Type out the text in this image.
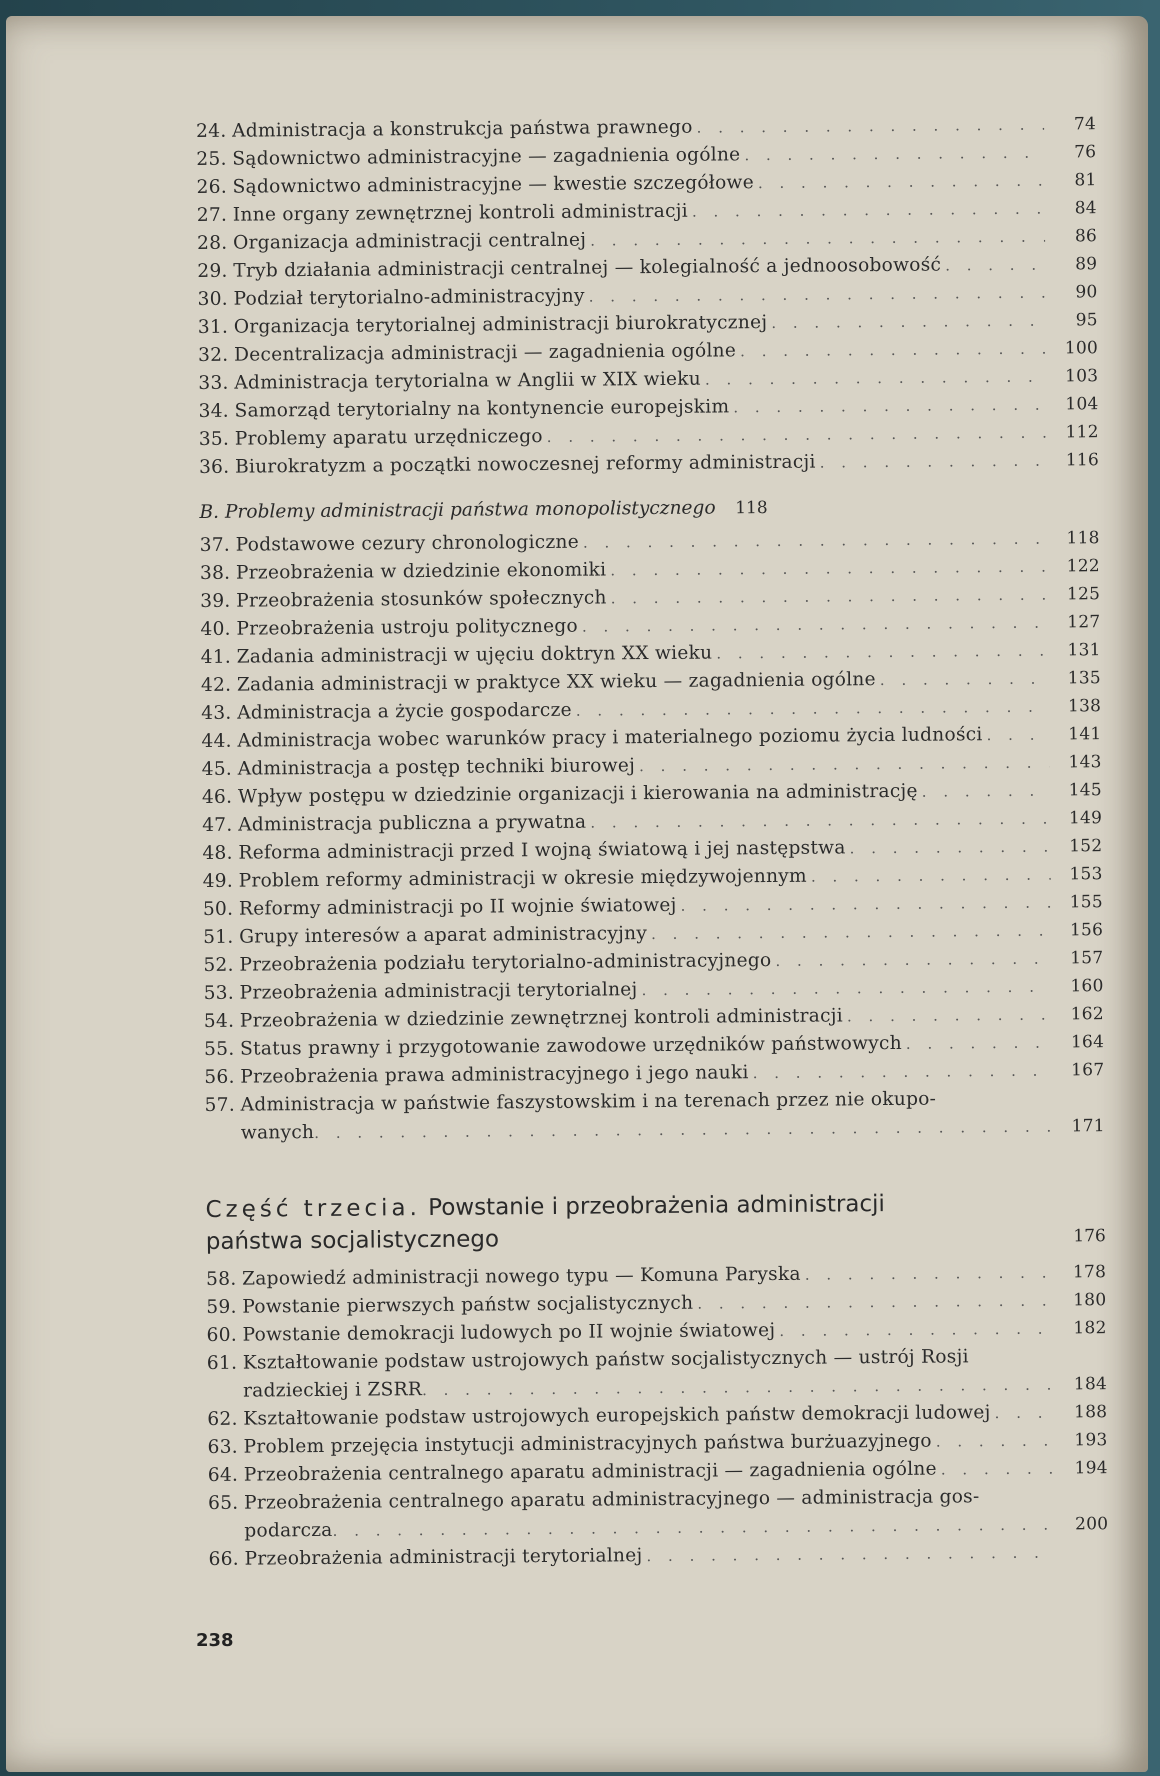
24. Administracja a konstrukcja państwa prawnego . . .	74
25. Sądownictwo administracyjne — zagadnienia ogólne . . .	76
26. Sądownictwo administracyjne — kwestie szczegółowe . . .	81
27. Inne organy zewnętrznej kontroli administracji . . .	84
28. Organizacja administracji centralnej . . .	86
29. Tryb działania administracji centralnej — kolegialność a jednoosobowość . . .	89
30. Podział terytorialno-administracyjny . . .	90
31. Organizacja terytorialnej administracji biurokratycznej . . .	95
32. Decentralizacja administracji — zagadnienia ogólne . . .	100
33. Administracja terytorialna w Anglii w XIX wieku . . .	103
34. Samorząd terytorialny na kontynencie europejskim . . .	104
35. Problemy aparatu urzędniczego . . .	112
36. Biurokratyzm a początki nowoczesnej reformy administracji . . .	116
B. Problemy administracji państwa monopolistycznego	118
37. Podstawowe cezury chronologiczne . . .	118
38. Przeobrażenia w dziedzinie ekonomiki . . .	122
39. Przeobrażenia stosunków społecznych . . .	125
40. Przeobrażenia ustroju politycznego . . .	127
41. Zadania administracji w ujęciu doktryn XX wieku . . .	131
42. Zadania administracji w praktyce XX wieku — zagadnienia ogólne . . .	135
43. Administracja a życie gospodarcze . . .	138
44. Administracja wobec warunków pracy i materialnego poziomu życia ludności . . .	141
45. Administracja a postęp techniki biurowej . . .	143
46. Wpływ postępu w dziedzinie organizacji i kierowania na administrację . . .	145
47. Administracja publiczna a prywatna . . .	149
48. Reforma administracji przed I wojną światową i jej następstwa . . .	152
49. Problem reformy administracji w okresie międzywojennym . . .	153
50. Reformy administracji po II wojnie światowej . . .	155
51. Grupy interesów a aparat administracyjny . . .	156
52. Przeobrażenia podziału terytorialno-administracyjnego . . .	157
53. Przeobrażenia administracji terytorialnej . . .	160
54. Przeobrażenia w dziedzinie zewnętrznej kontroli administracji . . .	162
55. Status prawny i przygotowanie zawodowe urzędników państwowych . . .	164
56. Przeobrażenia prawa administracyjnego i jego nauki . . .	167
57. Administracja w państwie faszystowskim i na terenach przez nie okupo-
wanych . . .	171
Część trzecia. Powstanie i przeobrażenia administracji
państwa socjalistycznego	176
58. Zapowiedź administracji nowego typu — Komuna Paryska . . .	178
59. Powstanie pierwszych państw socjalistycznych . . .	180
60. Powstanie demokracji ludowych po II wojnie światowej . . .	182
61. Kształtowanie podstaw ustrojowych państw socjalistycznych — ustrój Rosji
radzieckiej i ZSRR . . .	184
62. Kształtowanie podstaw ustrojowych europejskich państw demokracji ludowej . . .	188
63. Problem przejęcia instytucji administracyjnych państwa burżuazyjnego . . .	193
64. Przeobrażenia centralnego aparatu administracji — zagadnienia ogólne . . .	194
65. Przeobrażenia centralnego aparatu administracyjnego — administracja gos-
podarcza . . .	200
66. Przeobrażenia administracji terytorialnej
. . .
238
